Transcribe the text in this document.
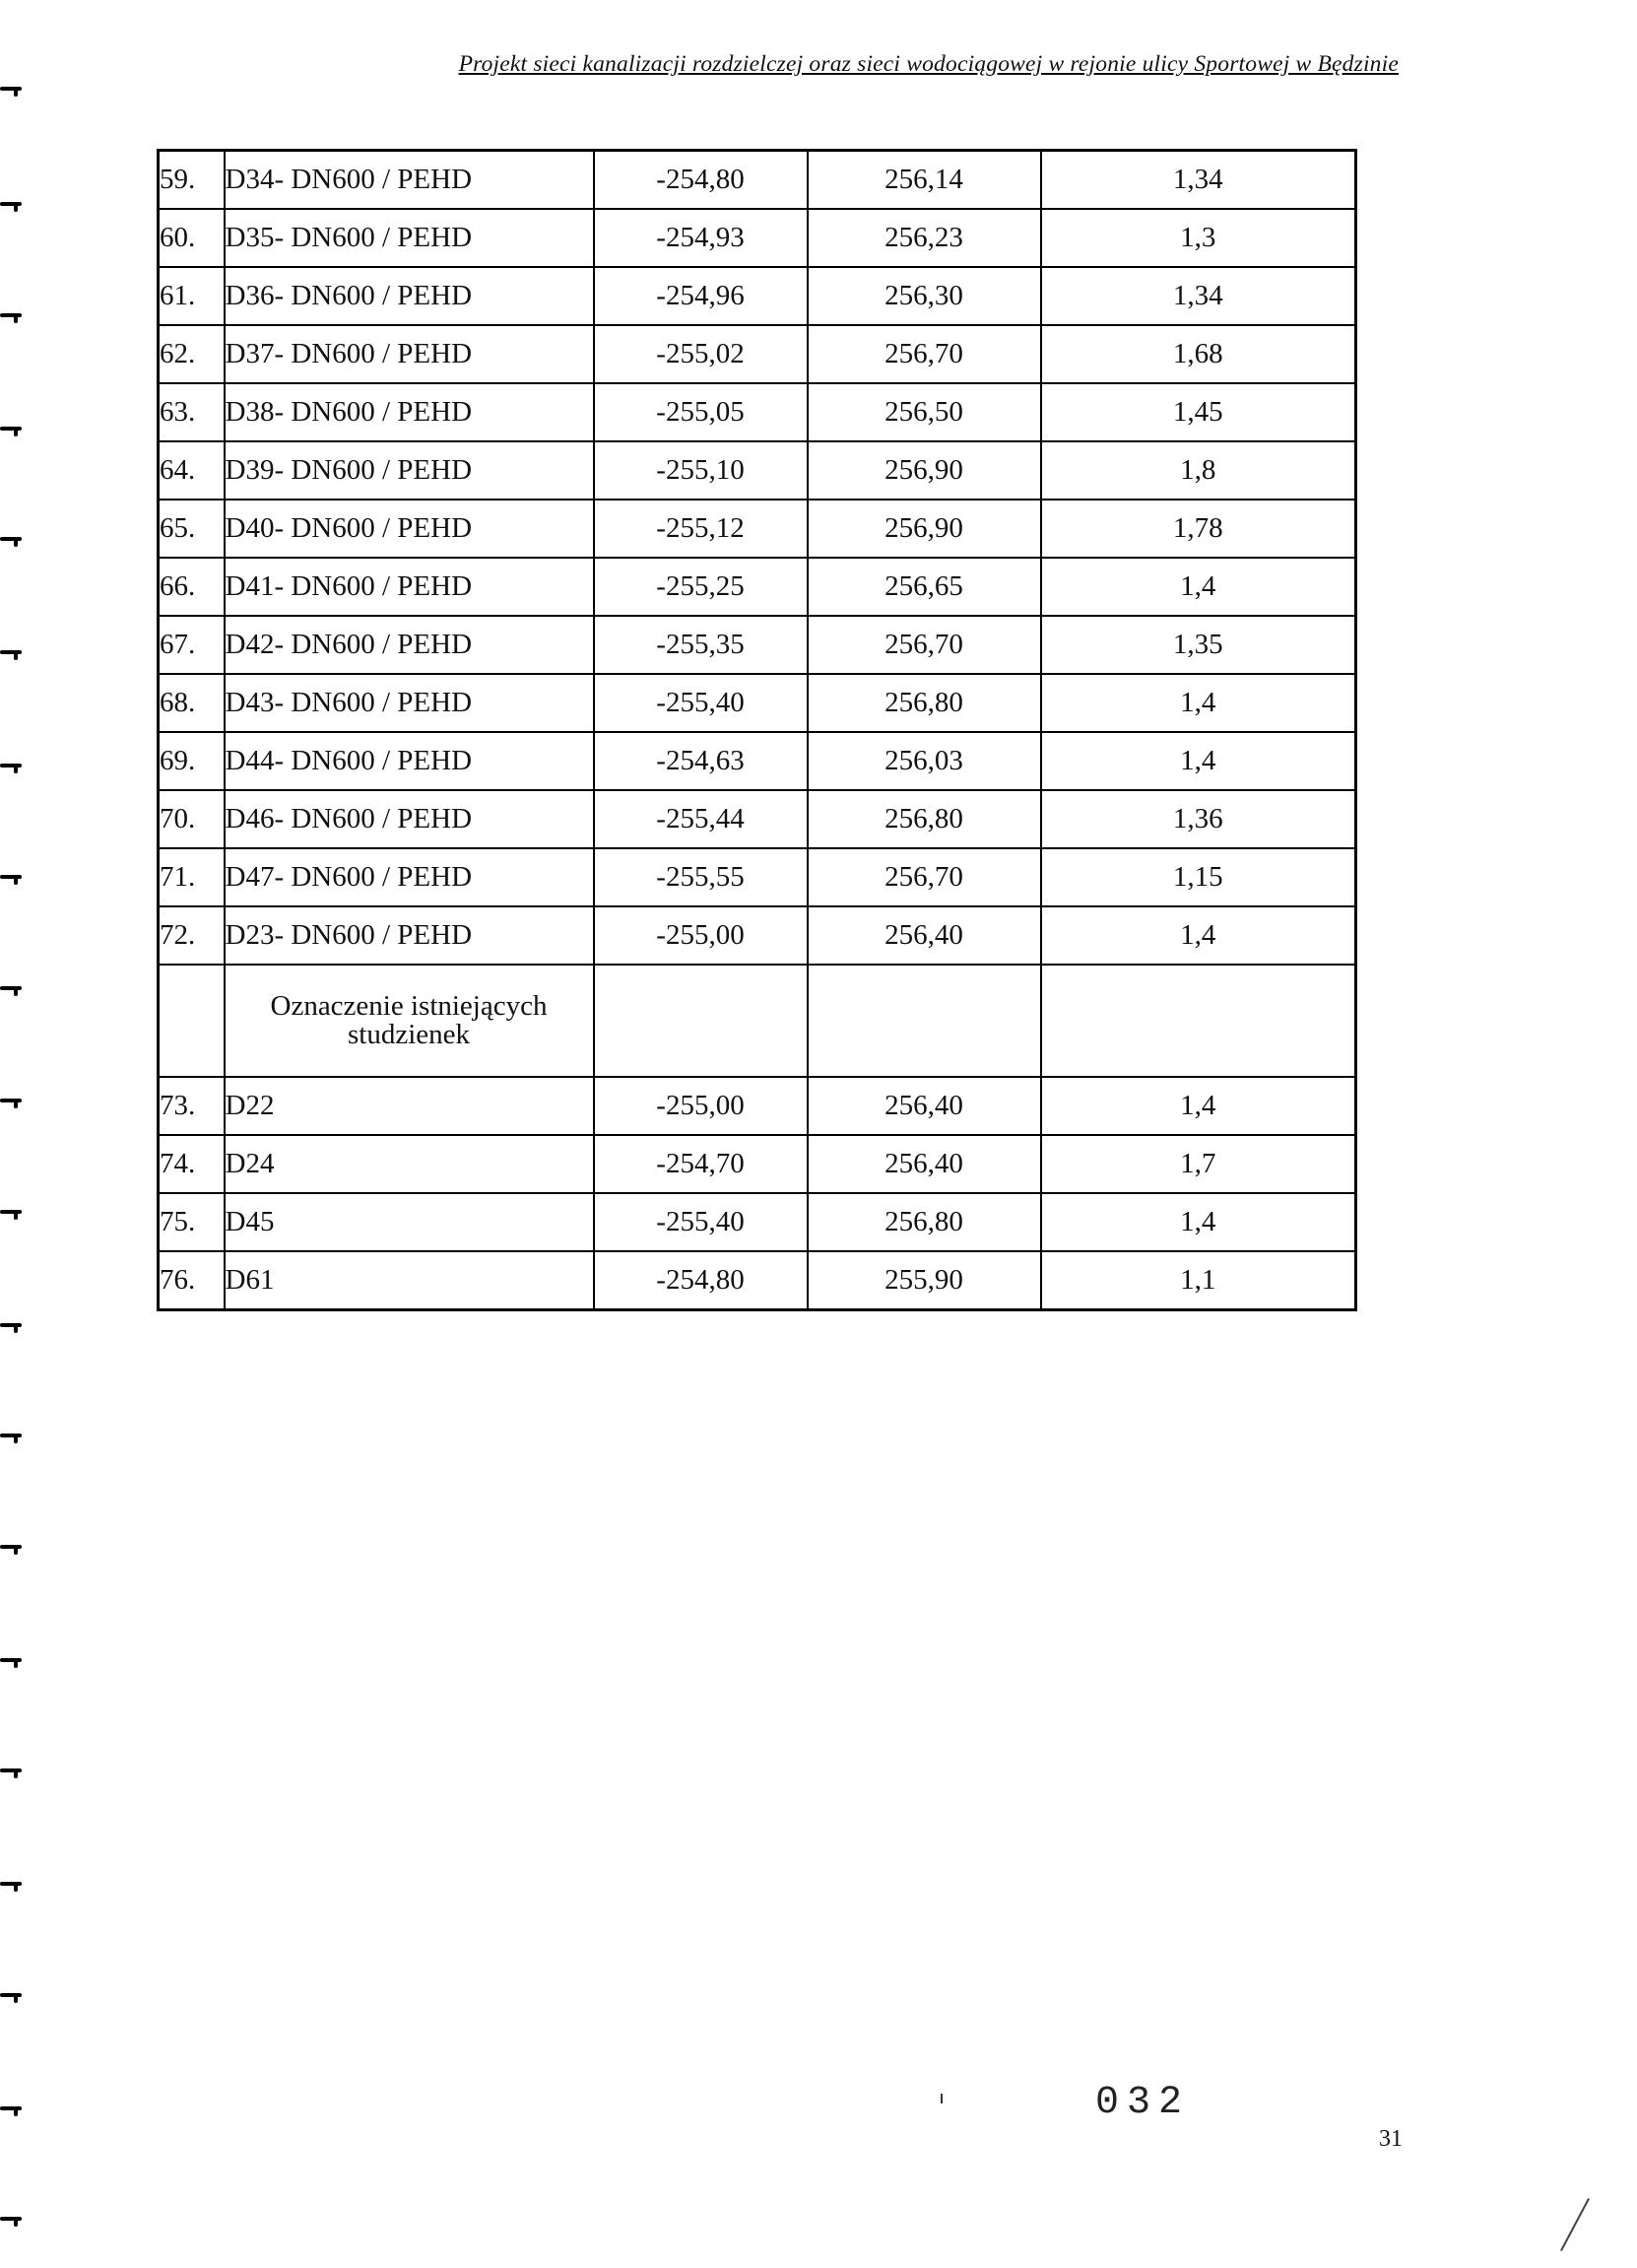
Projekt sieci kanalizacji rozdzielczej oraz sieci wodociągowej w rejonie ulicy Sportowej w Będzinie
59.	D34- DN600 / PEHD	-254,80	256,14	1,34
60.	D35- DN600 / PEHD	-254,93	256,23	1,3
61.	D36- DN600 / PEHD	-254,96	256,30	1,34
62.	D37- DN600 / PEHD	-255,02	256,70	1,68
63.	D38- DN600 / PEHD	-255,05	256,50	1,45
64.	D39- DN600 / PEHD	-255,10	256,90	1,8
65.	D40- DN600 / PEHD	-255,12	256,90	1,78
66.	D41- DN600 / PEHD	-255,25	256,65	1,4
67.	D42- DN600 / PEHD	-255,35	256,70	1,35
68.	D43- DN600 / PEHD	-255,40	256,80	1,4
69.	D44- DN600 / PEHD	-254,63	256,03	1,4
70.	D46- DN600 / PEHD	-255,44	256,80	1,36
71.	D47- DN600 / PEHD	-255,55	256,70	1,15
72.	D23- DN600 / PEHD	-255,00	256,40	1,4
	Oznaczenie istniejących
studzienek			
73.	D22	-255,00	256,40	1,4
74.	D24	-254,70	256,40	1,7
75.	D45	-255,40	256,80	1,4
76.	D61	-254,80	255,90	1,1
032
31
